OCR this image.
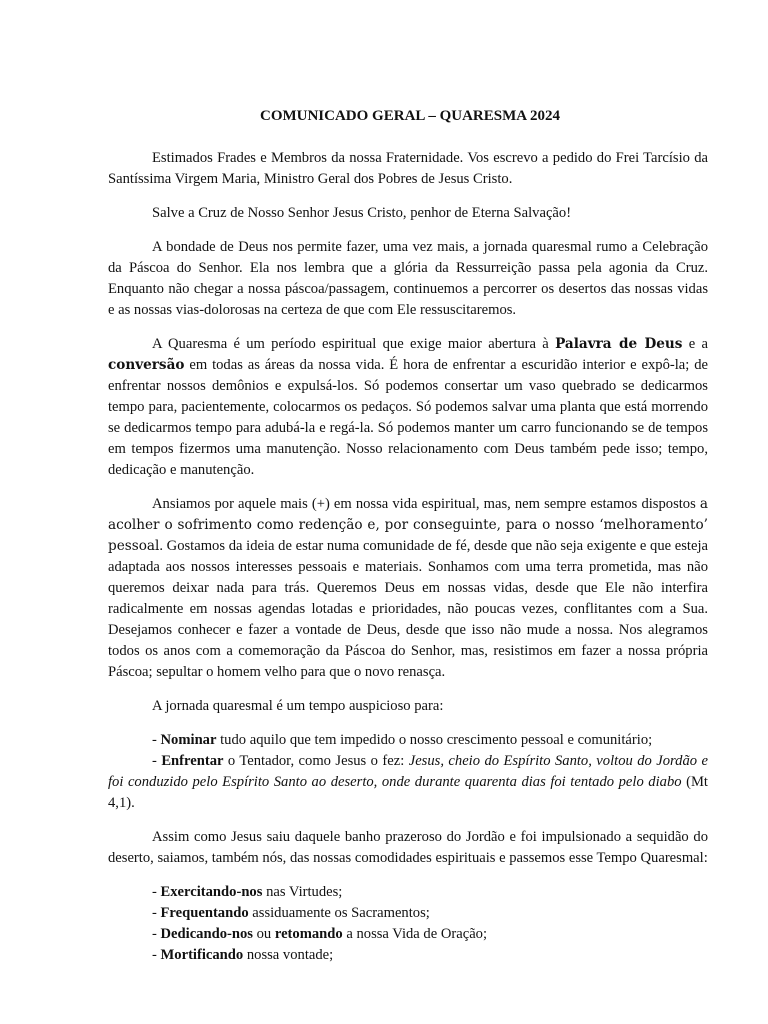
COMUNICADO GERAL – QUARESMA 2024

Estimados Frades e Membros da nossa Fraternidade. Vos escrevo a pedido do Frei Tarcísio da Santíssima Virgem Maria, Ministro Geral dos Pobres de Jesus Cristo.

Salve a Cruz de Nosso Senhor Jesus Cristo, penhor de Eterna Salvação!

A bondade de Deus nos permite fazer, uma vez mais, a jornada quaresmal rumo a Celebração da Páscoa do Senhor. Ela nos lembra que a glória da Ressurreição passa pela agonia da Cruz. Enquanto não chegar a nossa páscoa/passagem, continuemos a percorrer os desertos das nossas vidas e as nossas vias-dolorosas na certeza de que com Ele ressuscitaremos.

A Quaresma é um período espiritual que exige maior abertura à Palavra de Deus e a conversão em todas as áreas da nossa vida. É hora de enfrentar a escuridão interior e expô-la; de enfrentar nossos demônios e expulsá-los. Só podemos consertar um vaso quebrado se dedicarmos tempo para, pacientemente, colocarmos os pedaços. Só podemos salvar uma planta que está morrendo se dedicarmos tempo para adubá-la e regá-la. Só podemos manter um carro funcionando se de tempos em tempos fizermos uma manutenção. Nosso relacionamento com Deus também pede isso; tempo, dedicação e manutenção.

Ansiamos por aquele mais (+) em nossa vida espiritual, mas, nem sempre estamos dispostos a acolher o sofrimento como redenção e, por conseguinte, para o nosso ‘melhoramento’ pessoal. Gostamos da ideia de estar numa comunidade de fé, desde que não seja exigente e que esteja adaptada aos nossos interesses pessoais e materiais. Sonhamos com uma terra prometida, mas não queremos deixar nada para trás. Queremos Deus em nossas vidas, desde que Ele não interfira radicalmente em nossas agendas lotadas e prioridades, não poucas vezes, conflitantes com a Sua. Desejamos conhecer e fazer a vontade de Deus, desde que isso não mude a nossa. Nos alegramos todos os anos com a comemoração da Páscoa do Senhor, mas, resistimos em fazer a nossa própria Páscoa; sepultar o homem velho para que o novo renasça.

A jornada quaresmal é um tempo auspicioso para:

- Nominar tudo aquilo que tem impedido o nosso crescimento pessoal e comunitário;
- Enfrentar o Tentador, como Jesus o fez: Jesus, cheio do Espírito Santo, voltou do Jordão e foi conduzido pelo Espírito Santo ao deserto, onde durante quarenta dias foi tentado pelo diabo (Mt 4,1).

Assim como Jesus saiu daquele banho prazeroso do Jordão e foi impulsionado a sequidão do deserto, saiamos, também nós, das nossas comodidades espirituais e passemos esse Tempo Quaresmal:

- Exercitando-nos nas Virtudes;
- Frequentando assiduamente os Sacramentos;
- Dedicando-nos ou retomando a nossa Vida de Oração;
- Mortificando nossa vontade;
